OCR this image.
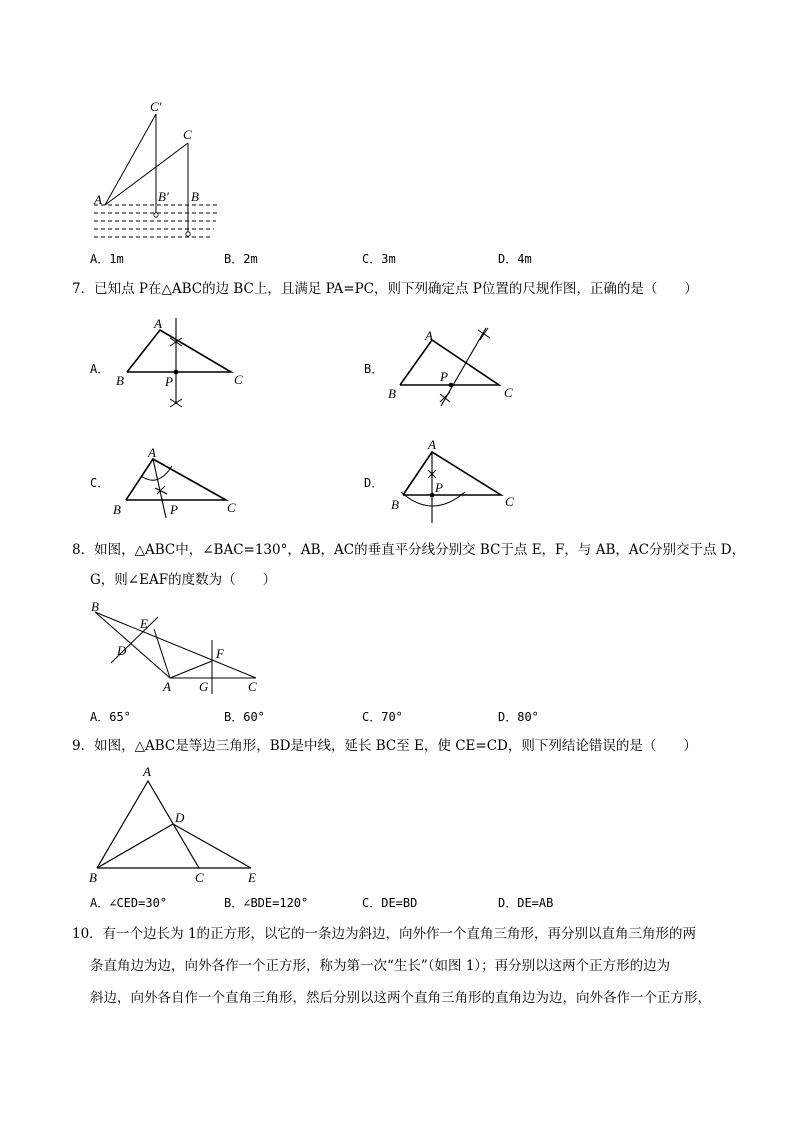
C′
C
A	B′ B
A．1m	B．2m	C．3m	D．4m
7．已知点 P在△ABC的边 BC上，且满足 PA=PC，则下列确定点 P位置的尺规作图，正确的是（　　）
A．	B．
C．	D．
A
B	C
P
A
B	C
P
A
B	C
P
A
B	C
P
8．如图，△ABC中，∠BAC=130°，AB，AC的垂直平分线分别交 BC于点 E，F，与 AB，AC分别交于点 D，
G，则∠EAF的度数为（　　）
B
E
D	F
A G	C
A．65°	B．60°	C．70°	D．80°
9．如图，△ABC是等边三角形，BD是中线，延长 BC至 E，使 CE=CD，则下列结论错误的是（　　）
A
D
B	C	E
A．∠CED=30°	B．∠BDE=120°	C．DE=BD	D．DE=AB
10．有一个边长为 1的正方形，以它的一条边为斜边，向外作一个直角三角形，再分别以直角三角形的两
条直角边为边，向外各作一个正方形，称为第一次“生长”（如图 1）；再分别以这两个正方形的边为
斜边，向外各自作一个直角三角形，然后分别以这两个直角三角形的直角边为边，向外各作一个正方形，
